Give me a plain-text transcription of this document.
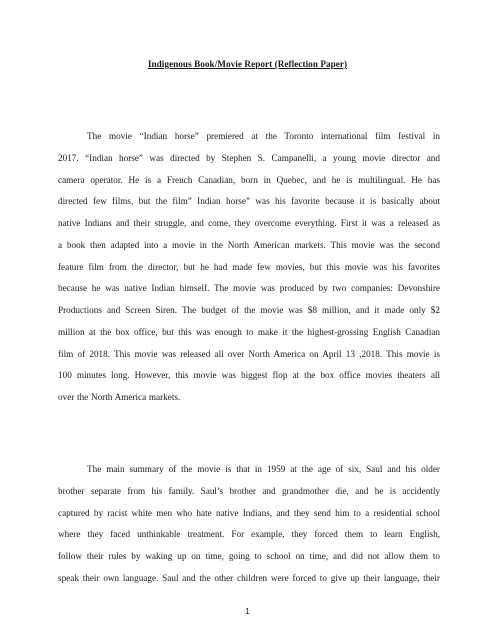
Indigenous Book/Movie Report (Reflection Paper)
The movie “Indian horse” premiered at the Toronto international film festival in
2017. “Indian horse” was directed by Stephen S. Campanelli, a young movie director and
camera operator. He is a French Canadian, born in Quebec, and he is multilingual. He has
directed few films, but the film” Indian horse” was his favorite because it is basically about
native Indians and their struggle, and come, they overcome everything. First it was a released as
a book then adapted into a movie in the North American markets. This movie was the second
feature film from the director, but he had made few movies, but this movie was his favorites
because he was native Indian himself. The movie was produced by two companies: Devonshire
Productions and Screen Siren. The budget of the movie was $8 million, and it made only $2
million at the box office, but this was enough to make it the highest-grossing English Canadian
film of 2018. This movie was released all over North America on April 13 ,2018. This movie is
100 minutes long. However, this movie was biggest flop at the box office movies theaters all
over the North America markets.
The main summary of the movie is that in 1959 at the age of six, Saul and his older
brother separate from his family. Saul’s brother and grandmother die, and he is accidently
captured by racist white men who hate native Indians, and they send him to a residential school
where they faced unthinkable treatment. For example, they forced them to learn English,
follow their rules by waking up on time, going to school on time, and did not allow them to
speak their own language. Saul and the other children were forced to give up their language, their
1
